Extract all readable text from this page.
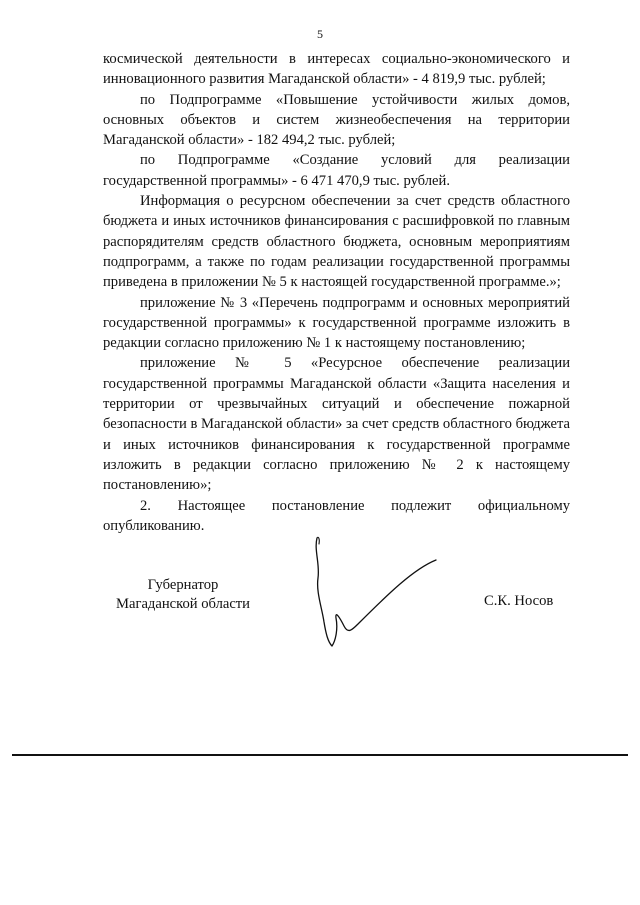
5

космической деятельности в интересах социально-экономического и инновационного развития Магаданской области» - 4 819,9 тыс. рублей;

по Подпрограмме «Повышение устойчивости жилых домов, основных объектов и систем жизнеобеспечения на территории Магаданской области» - 182 494,2 тыс. рублей;

по Подпрограмме «Создание условий для реализации государственной программы» - 6 471 470,9 тыс. рублей.

Информация о ресурсном обеспечении за счет средств областного бюджета и иных источников финансирования с расшифровкой по главным распорядителям средств областного бюджета, основным мероприятиям подпрограмм, а также по годам реализации государственной программы приведена в приложении № 5 к настоящей государственной программе.»;

приложение № 3 «Перечень подпрограмм и основных мероприятий государственной программы» к государственной программе изложить в редакции согласно приложению № 1 к настоящему постановлению;

приложение № 5 «Ресурсное обеспечение реализации государственной программы Магаданской области «Защита населения и территории от чрезвычайных ситуаций и обеспечение пожарной безопасности в Магаданской области» за счет средств областного бюджета и иных источников финансирования к государственной программе изложить в редакции согласно приложению № 2 к настоящему постановлению»;

2. Настоящее постановление подлежит официальному опубликованию.

Губернатор
Магаданской области	С.К. Носов
